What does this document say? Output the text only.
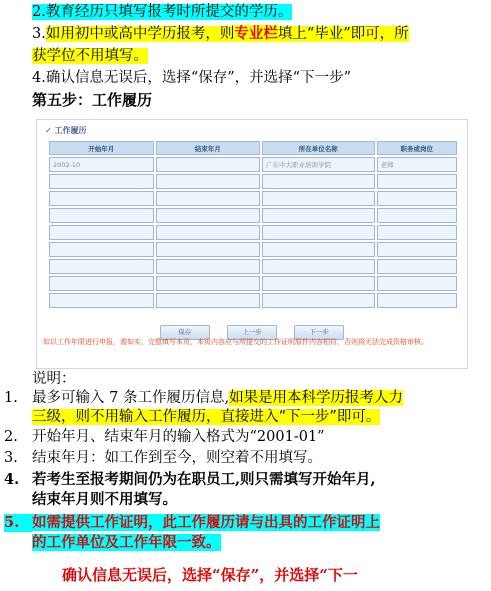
2.教育经历只填写报考时所提交的学历。
3.如用初中或高中学历报考，则专业栏填上“毕业”即可，所
获学位不用填写。
4.确认信息无误后，选择“保存”，并选择“下一步”
第五步：工作履历
✓ 工作履历
开始年月	结束年月	所在单位名称	职务或岗位
2002-10		广东中大职业培训学院	老师

保存	上一步	下一步
如以工作年限进行申报，需如实、完整填写本页，本页内容应与所提交的工作证明原件内容相符，否则将无法完成资格审核。
说明：
1. 最多可输入 7 条工作履历信息,如果是用本科学历报考人力
三级，则不用输入工作履历，直接进入“下一步”即可。
2. 开始年月、结束年月的输入格式为“2001-01”
3. 结束年月：如工作到至今，则空着不用填写。
4. 若考生至报考期间仍为在职员工,则只需填写开始年月,
结束年月则不用填写。
5. 如需提供工作证明，此工作履历请与出具的工作证明上
的工作单位及工作年限一致。
确认信息无误后，选择“保存”，并选择“下一
